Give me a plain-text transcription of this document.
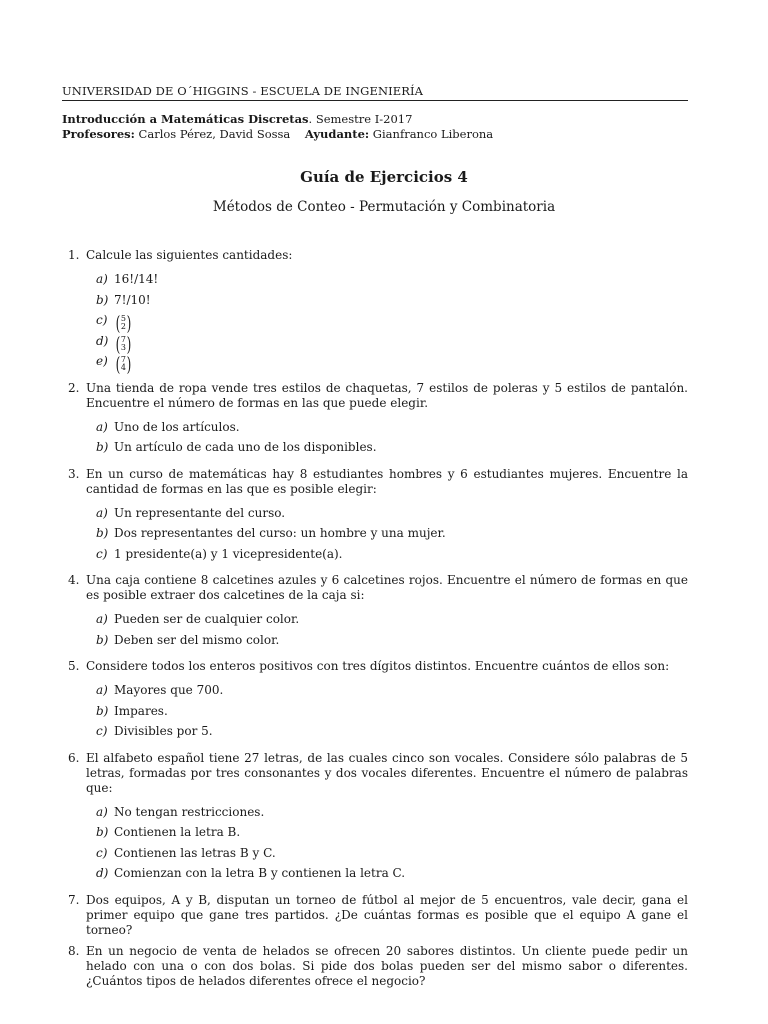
UNIVERSIDAD DE O´HIGGINS - ESCUELA DE INGENIERÍA
Introducción a Matemáticas Discretas. Semestre I-2017
Profesores: Carlos Pérez, David Sossa Ayudante: Gianfranco Liberona
Guía de Ejercicios 4
Métodos de Conteo - Permutación y Combinatoria
1. Calcule las siguientes cantidades:
a) 16!/14!
b) 7!/10!
c) ( 5
2 )
d) ( 7
3 )
e) ( 7
4 )
2. Una tienda de ropa vende tres estilos de chaquetas, 7 estilos de poleras y 5 estilos de pantalón. Encuentre el número de formas en las que puede elegir.
a) Uno de los artículos.
b) Un artículo de cada uno de los disponibles.
3. En un curso de matemáticas hay 8 estudiantes hombres y 6 estudiantes mujeres. Encuentre la cantidad de formas en las que es posible elegir:
a) Un representante del curso.
b) Dos representantes del curso: un hombre y una mujer.
c) 1 presidente(a) y 1 vicepresidente(a).
4. Una caja contiene 8 calcetines azules y 6 calcetines rojos. Encuentre el número de formas en que es posible extraer dos calcetines de la caja si:
a) Pueden ser de cualquier color.
b) Deben ser del mismo color.
5. Considere todos los enteros positivos con tres dígitos distintos. Encuentre cuántos de ellos son:
a) Mayores que 700.
b) Impares.
c) Divisibles por 5.
6. El alfabeto español tiene 27 letras, de las cuales cinco son vocales. Considere sólo palabras de 5 letras, formadas por tres consonantes y dos vocales diferentes. Encuentre el número de palabras que:
a) No tengan restricciones.
b) Contienen la letra B.
c) Contienen las letras B y C.
d) Comienzan con la letra B y contienen la letra C.
7. Dos equipos, A y B, disputan un torneo de fútbol al mejor de 5 encuentros, vale decir, gana el primer equipo que gane tres partidos. ¿De cuántas formas es posible que el equipo A gane el torneo?
8. En un negocio de venta de helados se ofrecen 20 sabores distintos. Un cliente puede pedir un helado con una o con dos bolas. Si pide dos bolas pueden ser del mismo sabor o diferentes. ¿Cuántos tipos de helados diferentes ofrece el negocio?
